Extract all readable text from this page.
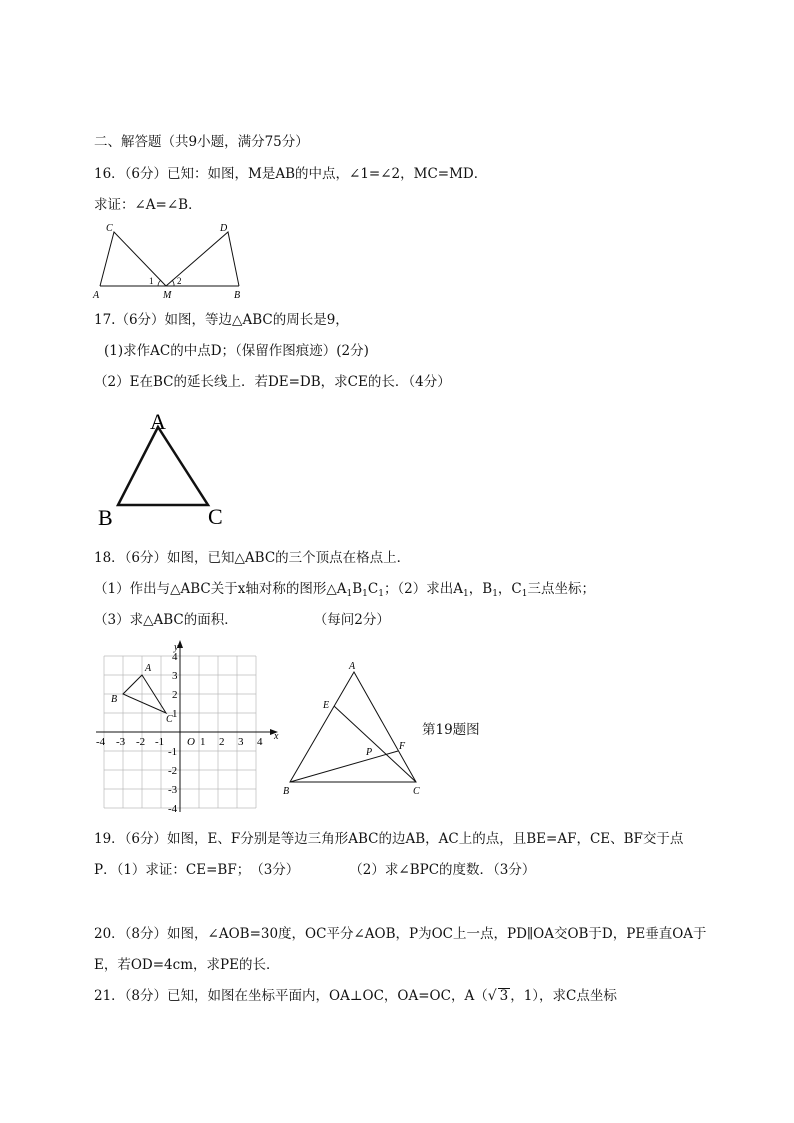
二、解答题（共9小题，满分75分）
16．（6分）已知：如图，M是AB的中点，∠1=∠2，MC=MD．
求证：∠A=∠B．
C	D
A	M	B
1	2
17.（6分）如图，等边△ABC的周长是9，
(1)求作AC的中点D；（保留作图痕迹）(2分)
（2）E在BC的延长线上．若DE=DB，求CE的长．（4分）
A
B	C
18．（6分）如图，已知△ABC的三个顶点在格点上．
（1）作出与△ABC关于x轴对称的图形$\triangle A_1B_1C_1$；（2）求出$A_1$，$B_1$，$C_1$三点坐标；
（3）求△ABC的面积．	（每问2分）
A
B
C
x
y
O
-4 -3 -2 -1	1 2 3 4
4
3
2
1
-1
-2
-3
-4
A
E
F
P
B	C
第19题图
19．（6分）如图，E、F分别是等边三角形ABC的边AB，AC上的点，且BE=AF，CE、BF交于点
P．（1）求证：CE=BF；　（3分）	（2）求∠BPC的度数．（3分）
20．（8分）如图，∠AOB=30度，OC平分∠AOB，P为OC上一点，PD∥OA交OB于D，PE垂直OA于
E，若OD=4cm，求PE的长．
21．（8分）已知，如图在坐标平面内，OA⊥OC，OA=OC，A（√ 3 ，1），求C点坐标
